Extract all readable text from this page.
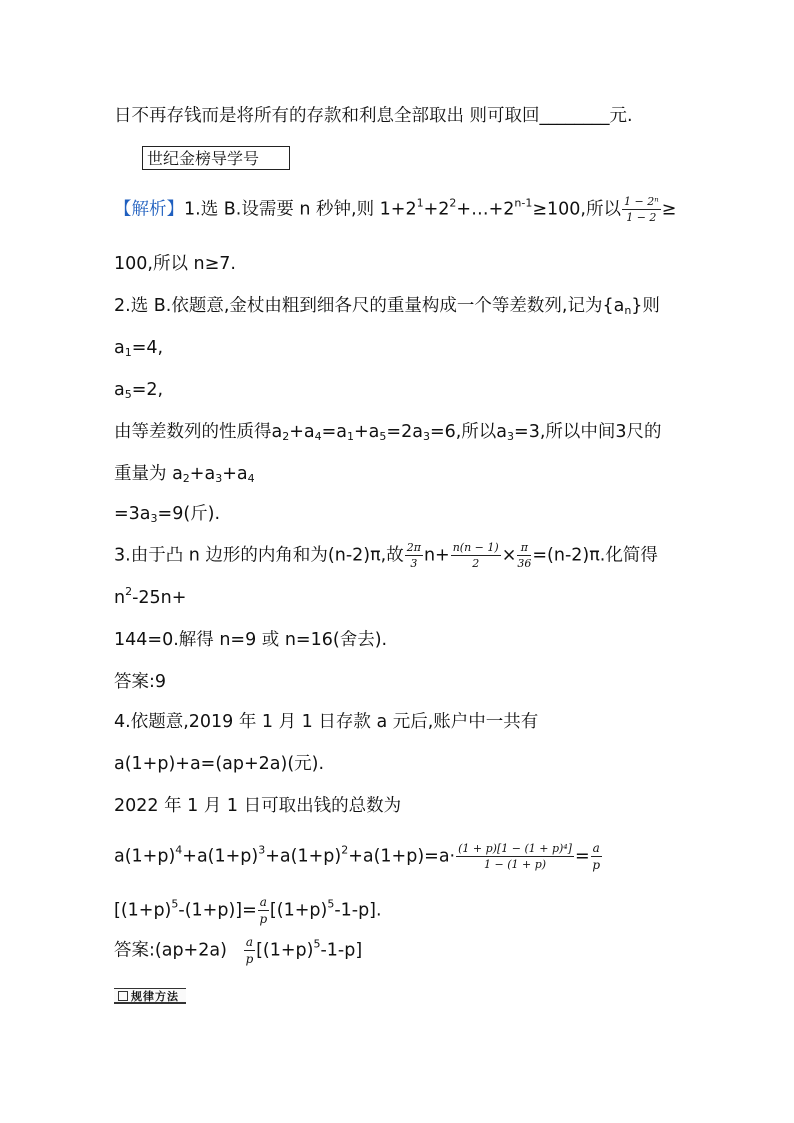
日不再存钱而是将所有的存款和利息全部取出 则可取回________元.
世纪金榜导学号
【解析】1.选 B.设需要 n 秒钟,则 $1+2^1+2^2+\dots+2^{n-1}\ge 100$,所以 $\frac{\text{1 − 2ⁿ}}{1 - 2}$ ≥
100,所以 n≥7.
2.选 B.依题意,金杖由粗到细各尺的重量构成一个等差数列,记为$\{a_n\}$则
$a_1=4$,
$a_5=2$,
由等差数列的性质得$a_2+a_4=a_1+a_5=2a_3=6$,所以$a_3=3$,所以中间3尺的
重量为 $a_2+a_3+a_4$
$=3a_3=9$(斤).
3.由于凸 n 边形的内角和为(n-2)π,故 $\frac{2\pi}{3} n+ \frac{n(n - 1)}{2} \times \frac{\pi}{36} =(n-2)\pi$.化简得
$n^2-25n+$
144=0.解得 n=9 或 n=16(舍去).
答案:9
4.依题意,2019 年 1 月 1 日存款 a 元后,账户中一共有
a(1+p)+a=(ap+2a)(元).
2022 年 1 月 1 日可取出钱的总数为
$a(1+p)^4+a(1+p)^3+a(1+p)^2+a(1+p)=a\cdot \frac{\text{(1 + p)[1 − (1 + p)⁴]}}{1 - (1 + p)} = \frac{a}{p}$
$[(1+p)^5-(1+p)]= \frac{a}{p} [(1+p)^5-1-p]$.
答案:(ap+2a) $\frac{a}{p} [(1+p)^5-1-p]$
规律方法
